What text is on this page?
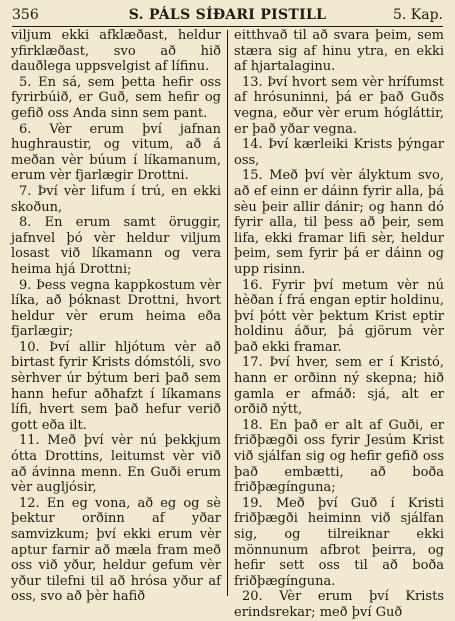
356	S. PÁLS SÍÐARI PISTILL	5. Kap.

viljum ekki afklæðast, heldur yfirklæðast, svo að hið dauðlega uppsvelgist af lífinu.

5. En sá, sem þetta hefir oss fyrirbúið, er Guð, sem hefir og gefið oss Anda sinn sem pant.

6. Vèr erum því jafnan hughraustir, og vitum, að á meðan vèr búum í líkamanum, erum vèr fjarlægir Drottni.

7. Því vèr lifum í trú, en ekki skoðun,

8. En erum samt öruggir, jafnvel þó vèr heldur viljum losast við líkamann og vera heima hjá Drottni;

9. Þess vegna kappkostum vèr líka, að þóknast Drottni, hvort heldur vèr erum heima eða fjarlægir;

10. Því allir hljótum vèr að birtast fyrir Krists dómstóli, svo sèrhver úr býtum beri það sem hann hefur aðhafzt í líkamans lífi, hvert sem það hefur verið gott eða ilt.

11. Með því vèr nú þekkjum ótta Drottins, leitumst vèr við að ávinna menn. En Guði erum vèr augljósir,

12. En eg vona, að eg og sè þektur orðinn af yðar samvizkum; því ekki erum vèr aptur farnir að mæla fram með oss við yður, heldur gefum vèr yður tilefni til að hrósa yður af oss, svo að þèr hafið

eitthvað til að svara þeim, sem stæra sig af hinu ytra, en ekki af hjartalaginu.

13. Því hvort sem vèr hrífumst af hrósuninni, þá er það Guðs vegna, eður vèr erum hógláttir, er það yðar vegna.

14. Því kærleiki Krists þýngar oss,

15. Með því vèr ályktum svo, að ef einn er dáinn fyrir alla, þá sèu þeir allir dánir; og hann dó fyrir alla, til þess að þeir, sem lifa, ekki framar lifi sèr, heldur þeim, sem fyrir þá er dáinn og upp risinn.

16. Fyrir því metum vèr nú hèðan í frá engan eptir holdinu, því þótt vèr þektum Krist eptir holdinu áður, þá gjörum vèr það ekki framar.

17. Því hver, sem er í Kristó, hann er orðinn ný skepna; hið gamla er afmáð: sjá, alt er orðið nýtt,

18. En það er alt af Guði, er friðþægði oss fyrir Jesúm Krist við sjálfan sig og hefir gefið oss það embætti, að boða friðþægínguna;

19. Með því Guð í Kristi friðþægði heiminn við sjálfan sig, og tilreiknar ekki mönnunum afbrot þeirra, og hefir sett oss til að boða friðþægínguna.

20. Vèr erum því Krists erindsrekar; með því Guð
